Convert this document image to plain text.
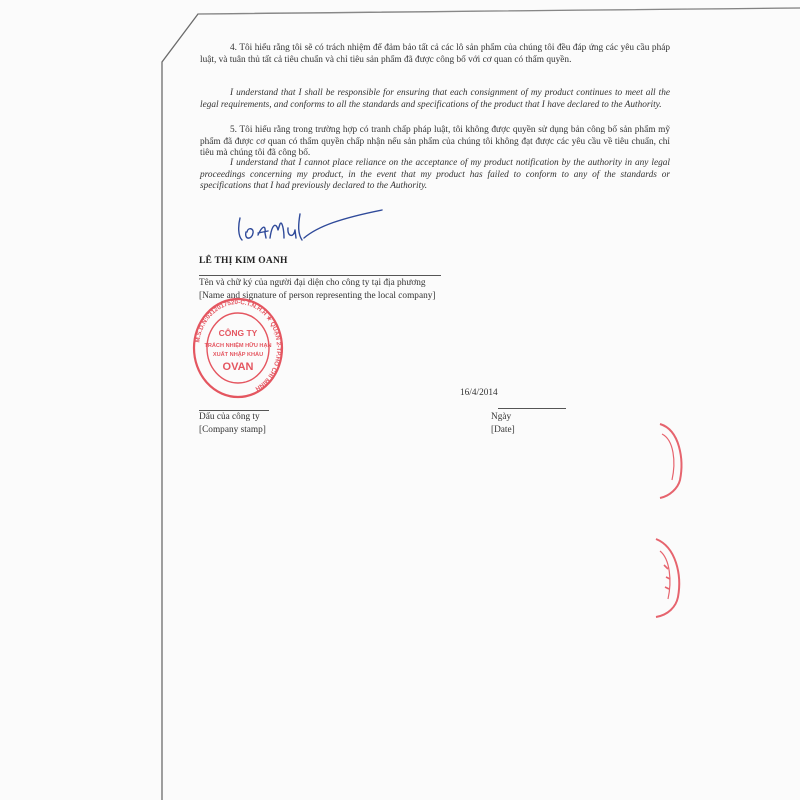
4. Tôi hiểu rằng tôi sẽ có trách nhiệm để đảm bảo tất cả các lô sản phẩm của chúng tôi đều đáp ứng các yêu cầu pháp luật, và tuân thủ tất cả tiêu chuẩn và chỉ tiêu sản phẩm đã được công bố với cơ quan có thẩm quyền.
I understand that I shall be responsible for ensuring that each consignment of my product continues to meet all the legal requirements, and conforms to all the standards and specifications of the product that I have declared to the Authority.
5. Tôi hiểu rằng trong trường hợp có tranh chấp pháp luật, tôi không được quyền sử dụng bản công bố sản phẩm mỹ phẩm đã được cơ quan có thẩm quyền chấp nhận nếu sản phẩm của chúng tôi không đạt được các yêu cầu về tiêu chuẩn, chỉ tiêu mà chúng tôi đã công bố.
I understand that I cannot place reliance on the acceptance of my product notification by the authority in any legal proceedings concerning my product, in the event that my product has failed to conform to any of the standards or specifications that I had previously declared to the Authority.
LÊ THỊ KIM OANH
Tên và chữ ký của người đại diện cho công ty tại địa phương
[Name and signature of person representing the local company]
M.S.D.N:0312017520-C.T.N.H.H ★ QUẬN 2-TP.HỒ CHÍ MINH
CÔNG TY
TRÁCH NHIỆM HỮU HẠN
XUẤT NHẬP KHẨU
OVAN
16/4/2014
Dấu của công ty
[Company stamp]
Ngày
[Date]
